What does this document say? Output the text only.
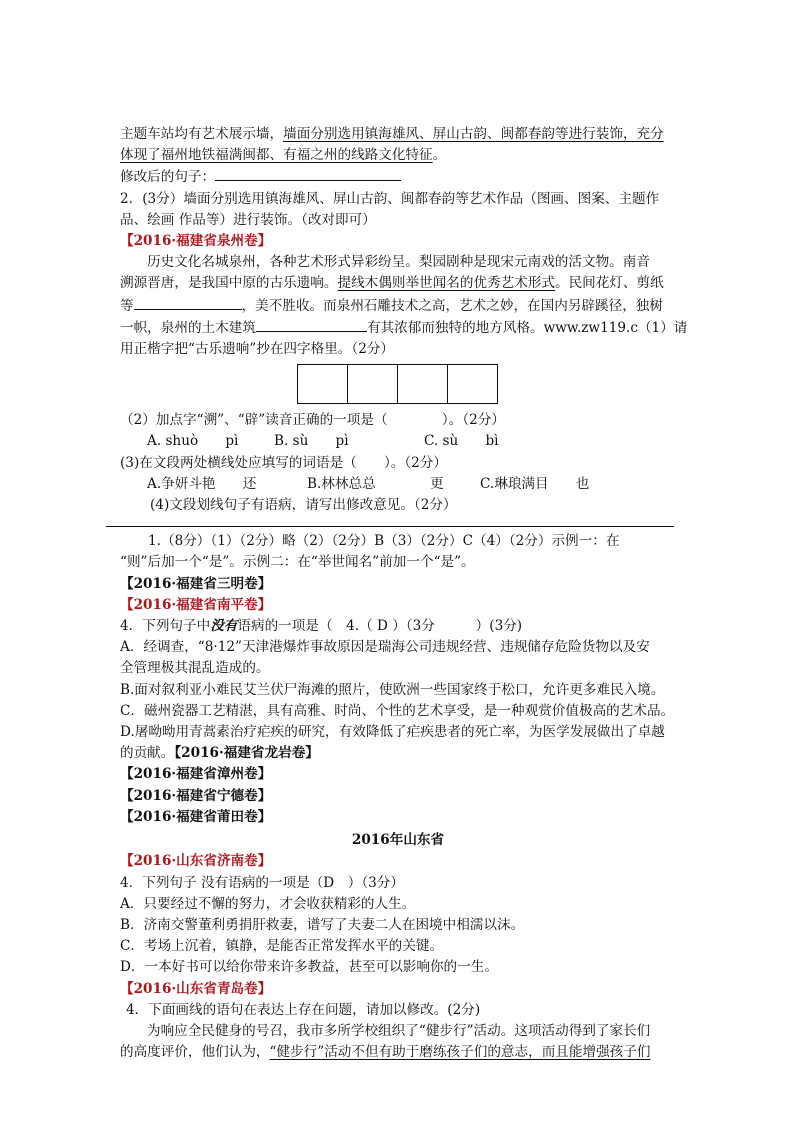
主题车站均有艺术展示墙，墙面分别选用镇海雄风、屏山古韵、闽都春韵等进行装饰，充分
体现了福州地铁福满闽都、有福之州的线路文化特征。
修改后的句子：
2．(3分）墙面分别选用镇海雄风、屏山古韵、闽都春韵等艺术作品（图画、图案、主题作
品、绘画 作品等）进行装饰。（改对即可）
【2016·福建省泉州卷】
历史文化名城泉州，各种艺术形式异彩纷呈。梨园剧种是现宋元南戏的活文物。南音
溯源晋唐，是我国中原的古乐遗响。提线木偶则举世闻名的优秀艺术形式。民间花灯、剪纸
等	，美不胜收。而泉州石雕技术之高，艺术之妙，在国内另辟蹊径，独树
一帜，泉州的土木建筑	有其浓郁而独特的地方风格。www.zw119.c（1）请
用正楷字把“古乐遗响”抄在四字格里。（2分）
（2）加点字“溯”、“辟”读音正确的一项是（　　　　）。（2分）
A. shuò　　pì	B. sù　　pì	C. sù　　bì
(3)在文段两处横线处应填写的词语是（　　）。（2分）
A.争妍斗艳　　还	B.林林总总　　　　更	C.琳琅满目　　也
(4)文段划线句子有语病，请写出修改意见。（2分）
1.（8分）（1）（2分）略（2）（2分）B（3）（2分）C（4）（2分）示例一：在
“则”后加一个“是”。示例二：在“举世闻名”前加一个“是”。
【2016·福建省三明卷】
【2016·福建省南平卷】
4．下列句子中没有语病的一项是（　4.（ D ）（3分　　　）(3分)
A．经调查，“8·12”天津港爆炸事故原因是瑞海公司违规经营、违规储存危险货物以及安
全管理极其混乱造成的。
B.面对叙利亚小难民艾兰伏尸海滩的照片，使欧洲一些国家终于松口，允许更多难民入境。
C．磁州瓷器工艺精湛，具有高雅、时尚、个性的艺术享受，是一种观赏价值极高的艺术品。
D.屠呦呦用青蒿素治疗疟疾的研究，有效降低了疟疾患者的死亡率，为医学发展做出了卓越
的贡献。【2016·福建省龙岩卷】
【2016·福建省漳州卷】
【2016·福建省宁德卷】
【2016·福建省莆田卷】
2016年山东省
【2016·山东省济南卷】
4．下列句子 没有语病的一项是（D　）（3分）
A．只要经过不懈的努力，才会收获精彩的人生。
B．济南交警董利勇捐肝救妻，谱写了夫妻二人在困境中相濡以沫。
C．考场上沉着，镇静，是能否正常发挥水平的关键。
D．一本好书可以给你带来许多教益，甚至可以影响你的一生。
【2016·山东省青岛卷】
4．下面画线的语句在表达上存在问题，请加以修改。(2分)
为响应全民健身的号召，我市多所学校组织了“健步行”活动。这项活动得到了家长们
的高度评价，他们认为，“健步行”活动不但有助于磨练孩子们的意志，而且能增强孩子们
